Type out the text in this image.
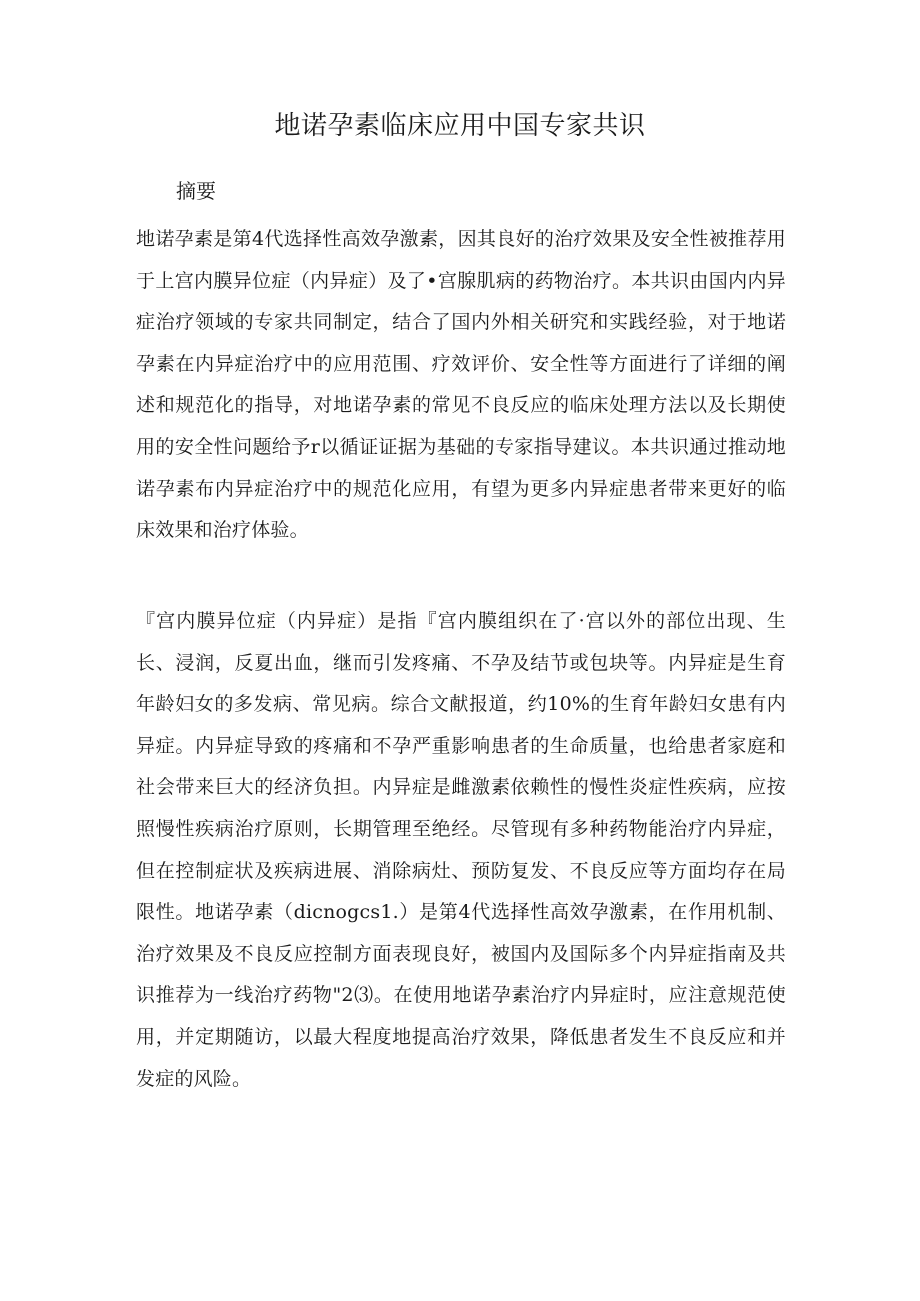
地诺孕素临床应用中国专家共识
摘要

地诺孕素是第4代选择性高效孕激素，因其良好的治疗效果及安全性被推荐用于上宫内膜异位症（内异症）及了•宫腺肌病的药物治疗。本共识由国内内异症治疗领域的专家共同制定，结合了国内外相关研究和实践经验，对于地诺孕素在内异症治疗中的应用范围、疗效评价、安全性等方面进行了详细的阐述和规范化的指导，对地诺孕素的常见不良反应的临床处理方法以及长期使用的安全性问题给予r以循证证据为基础的专家指导建议。本共识通过推动地诺孕素布内异症治疗中的规范化应用，有望为更多内异症患者带来更好的临床效果和治疗体验。

『宫内膜异位症（内异症）是指『宫内膜组织在了·宫以外的部位出现、生长、浸润，反夏出血，继而引发疼痛、不孕及结节或包块等。内异症是生育年龄妇女的多发病、常见病。综合文献报道，约10%的生育年龄妇女患有内异症。内异症导致的疼痛和不孕严重影响患者的生命质量，也给患者家庭和社会带来巨大的经济负担。内异症是雌激素依赖性的慢性炎症性疾病，应按照慢性疾病治疗原则，长期管理至绝经。尽管现有多种药物能治疗内异症，但在控制症状及疾病进展、消除病灶、预防复发、不良反应等方面均存在局限性。地诺孕素（dicnogcs1.）是第4代选择性高效孕激素，在作用机制、治疗效果及不良反应控制方面表现良好，被国内及国际多个内异症指南及共识推荐为一线治疗药物"2⑶。在使用地诺孕素治疗内异症时，应注意规范使用，并定期随访，以最大程度地提高治疗效果，降低患者发生不良反应和并发症的风险。
